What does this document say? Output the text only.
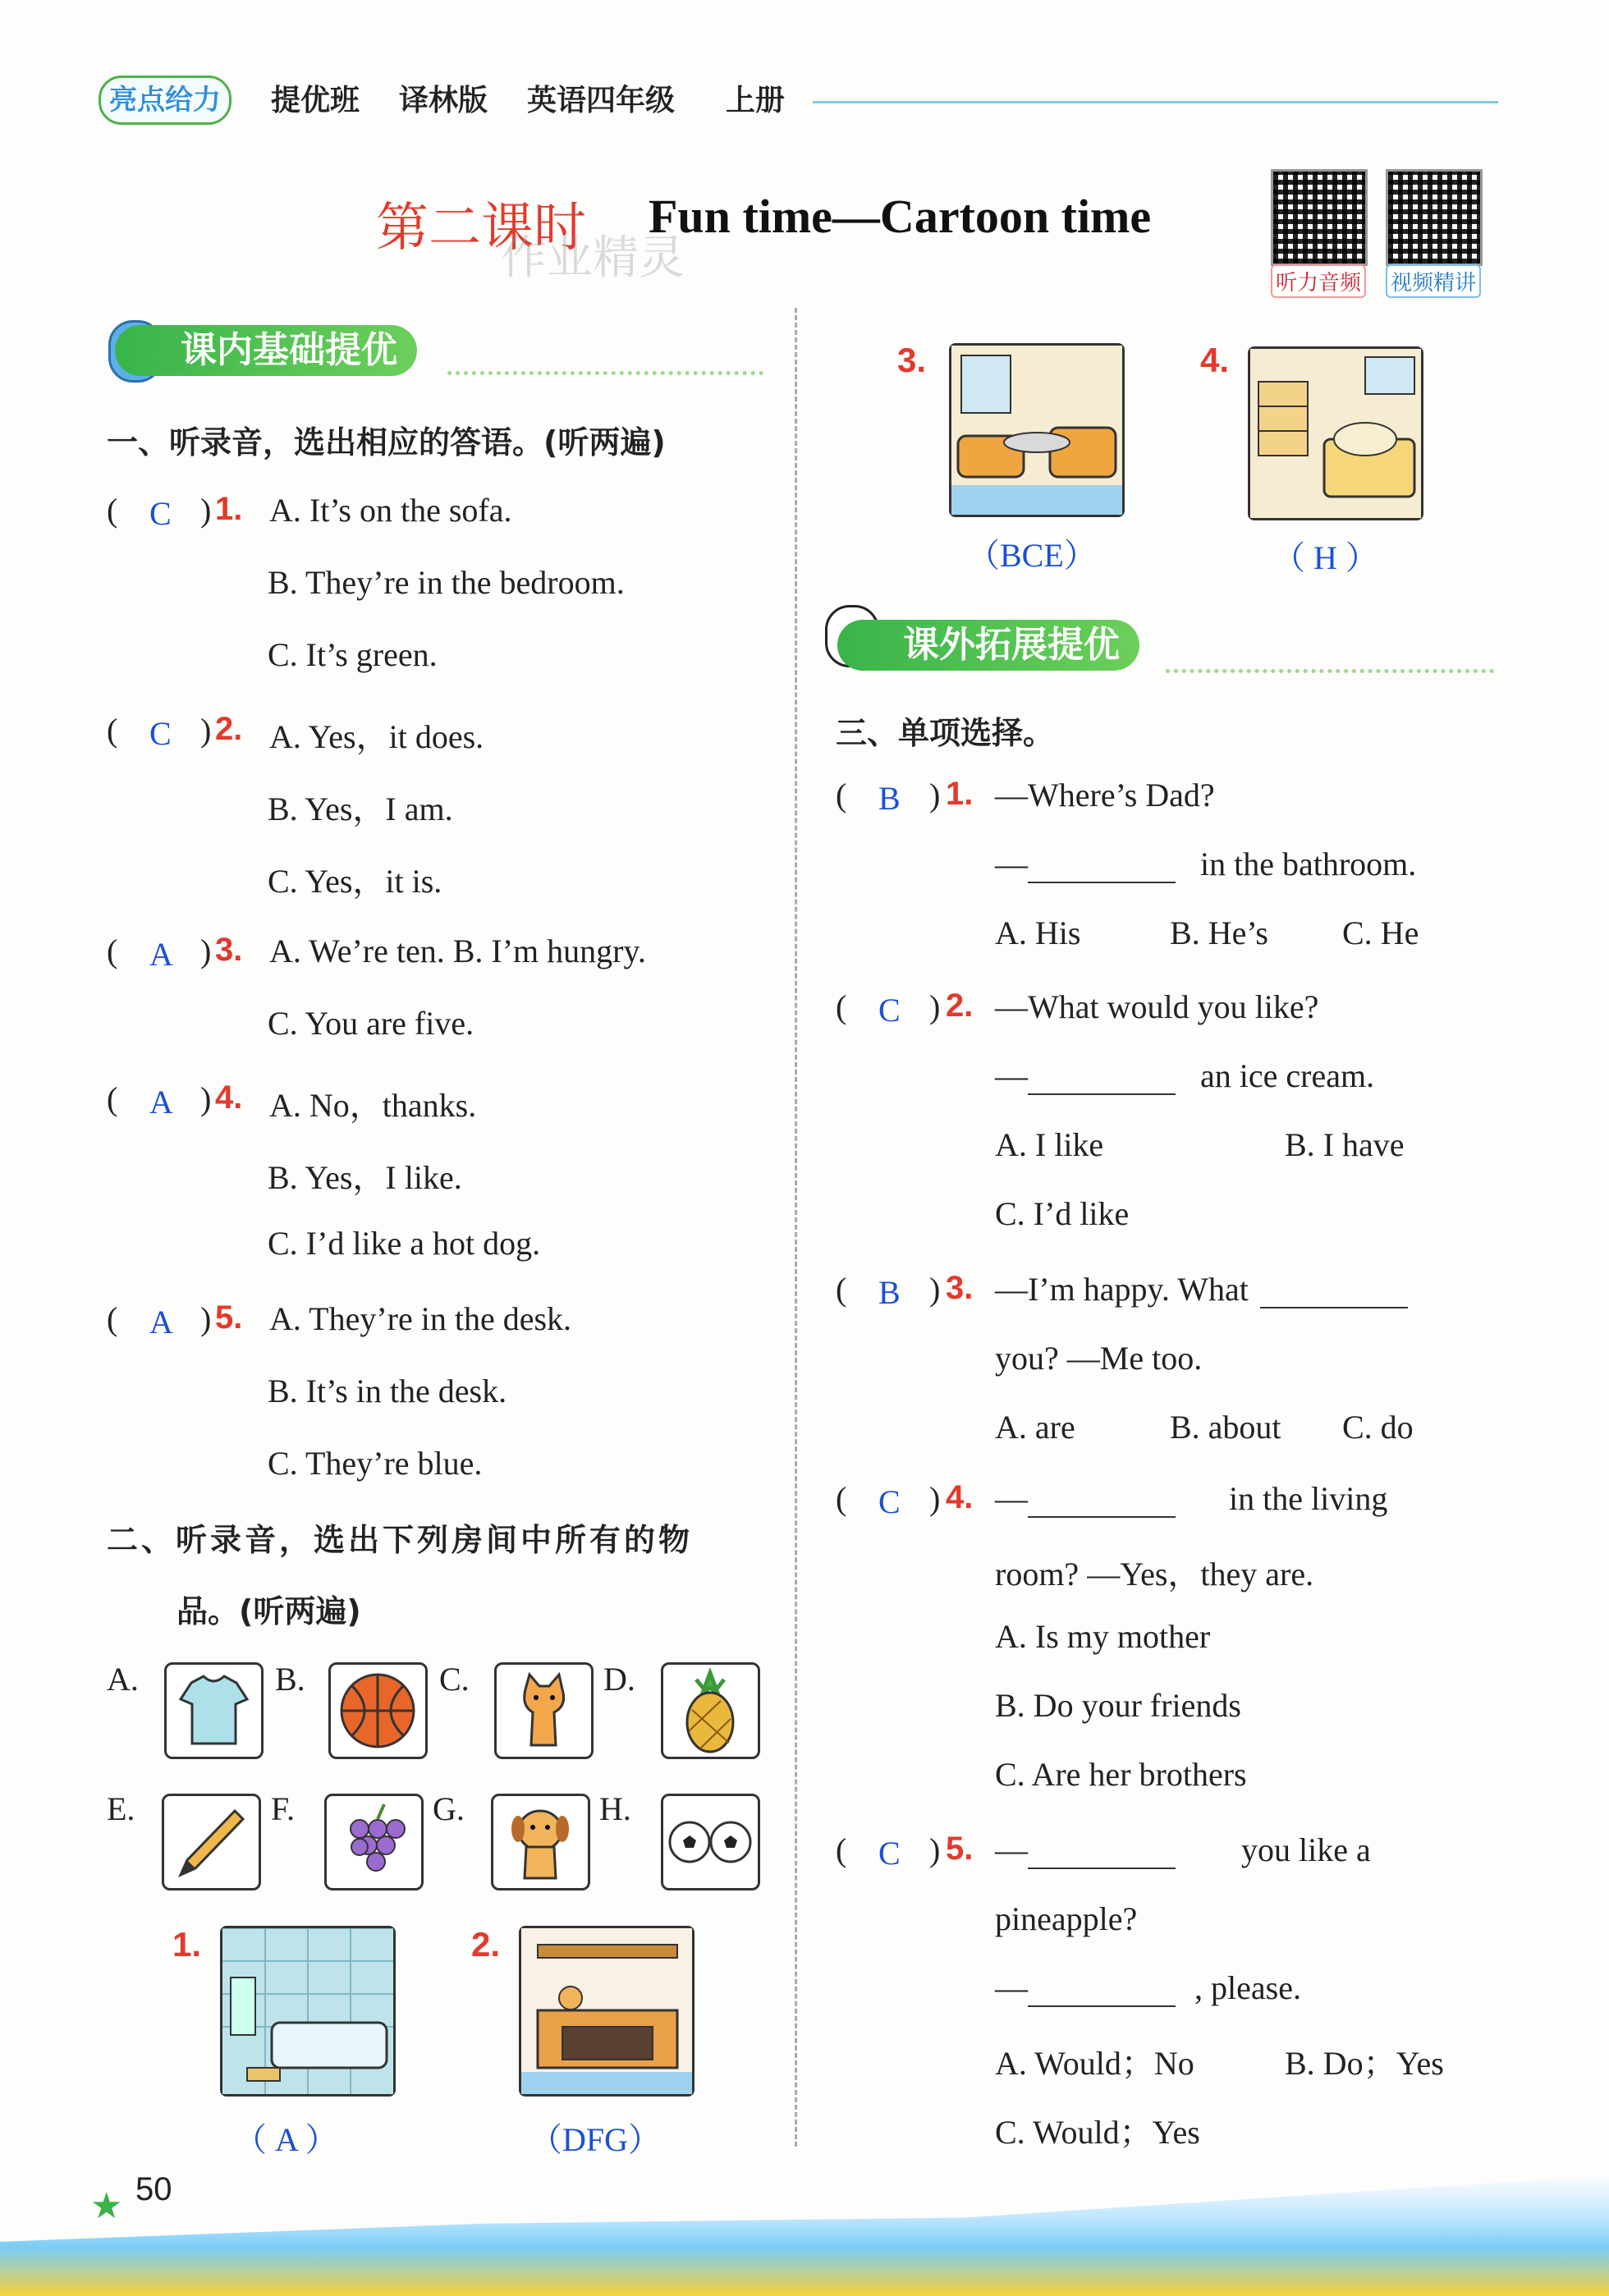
亮点给力	提优班 译林版 英语四年级 上册
第二课时 Fun time—Cartoon time
作业精灵	听力音频 视频精讲
课内基础提优
一、听录音，选出相应的答语。(听两遍)
( C ) 1. A. It’s on the sofa.
B. They’re in the bedroom.
C. It’s green.
( C ) 2. A. Yes，it does.
B. Yes，I am.
C. Yes，it is.
( A ) 3. A. We’re ten. B. I’m hungry.
C. You are five.
( A ) 4. A. No，thanks.
B. Yes，I like.
C. I’d like a hot dog.
( A ) 5. A. They’re in the desk.
B. It’s in the desk.
C. They’re blue.
二、听录音，选出下列房间中所有的物
品。(听两遍)
A.	B.	C.	D.
E.	F.	G.	H.
1.	2.
（ A ）	（DFG）
3.	4.
（BCE）	（ H ）
课外拓展提优
三、单项选择。
( B ) 1. —Where’s Dad?
—	in the bathroom.
A. His	B. He’s C. He
( C ) 2. —What would you like?
—	an ice cream.
A. I like	B. I have
C. I’d like
( B ) 3. —I’m happy. What
you? —Me too.
A. are	B. about C. do
( C ) 4. —	in the living
room? —Yes，they are.
A. Is my mother
B. Do your friends
C. Are her brothers
( C ) 5. —	you like a
pineapple?
—	, please.
A. Would；No	B. Do；Yes
C. Would；Yes
★ 50
